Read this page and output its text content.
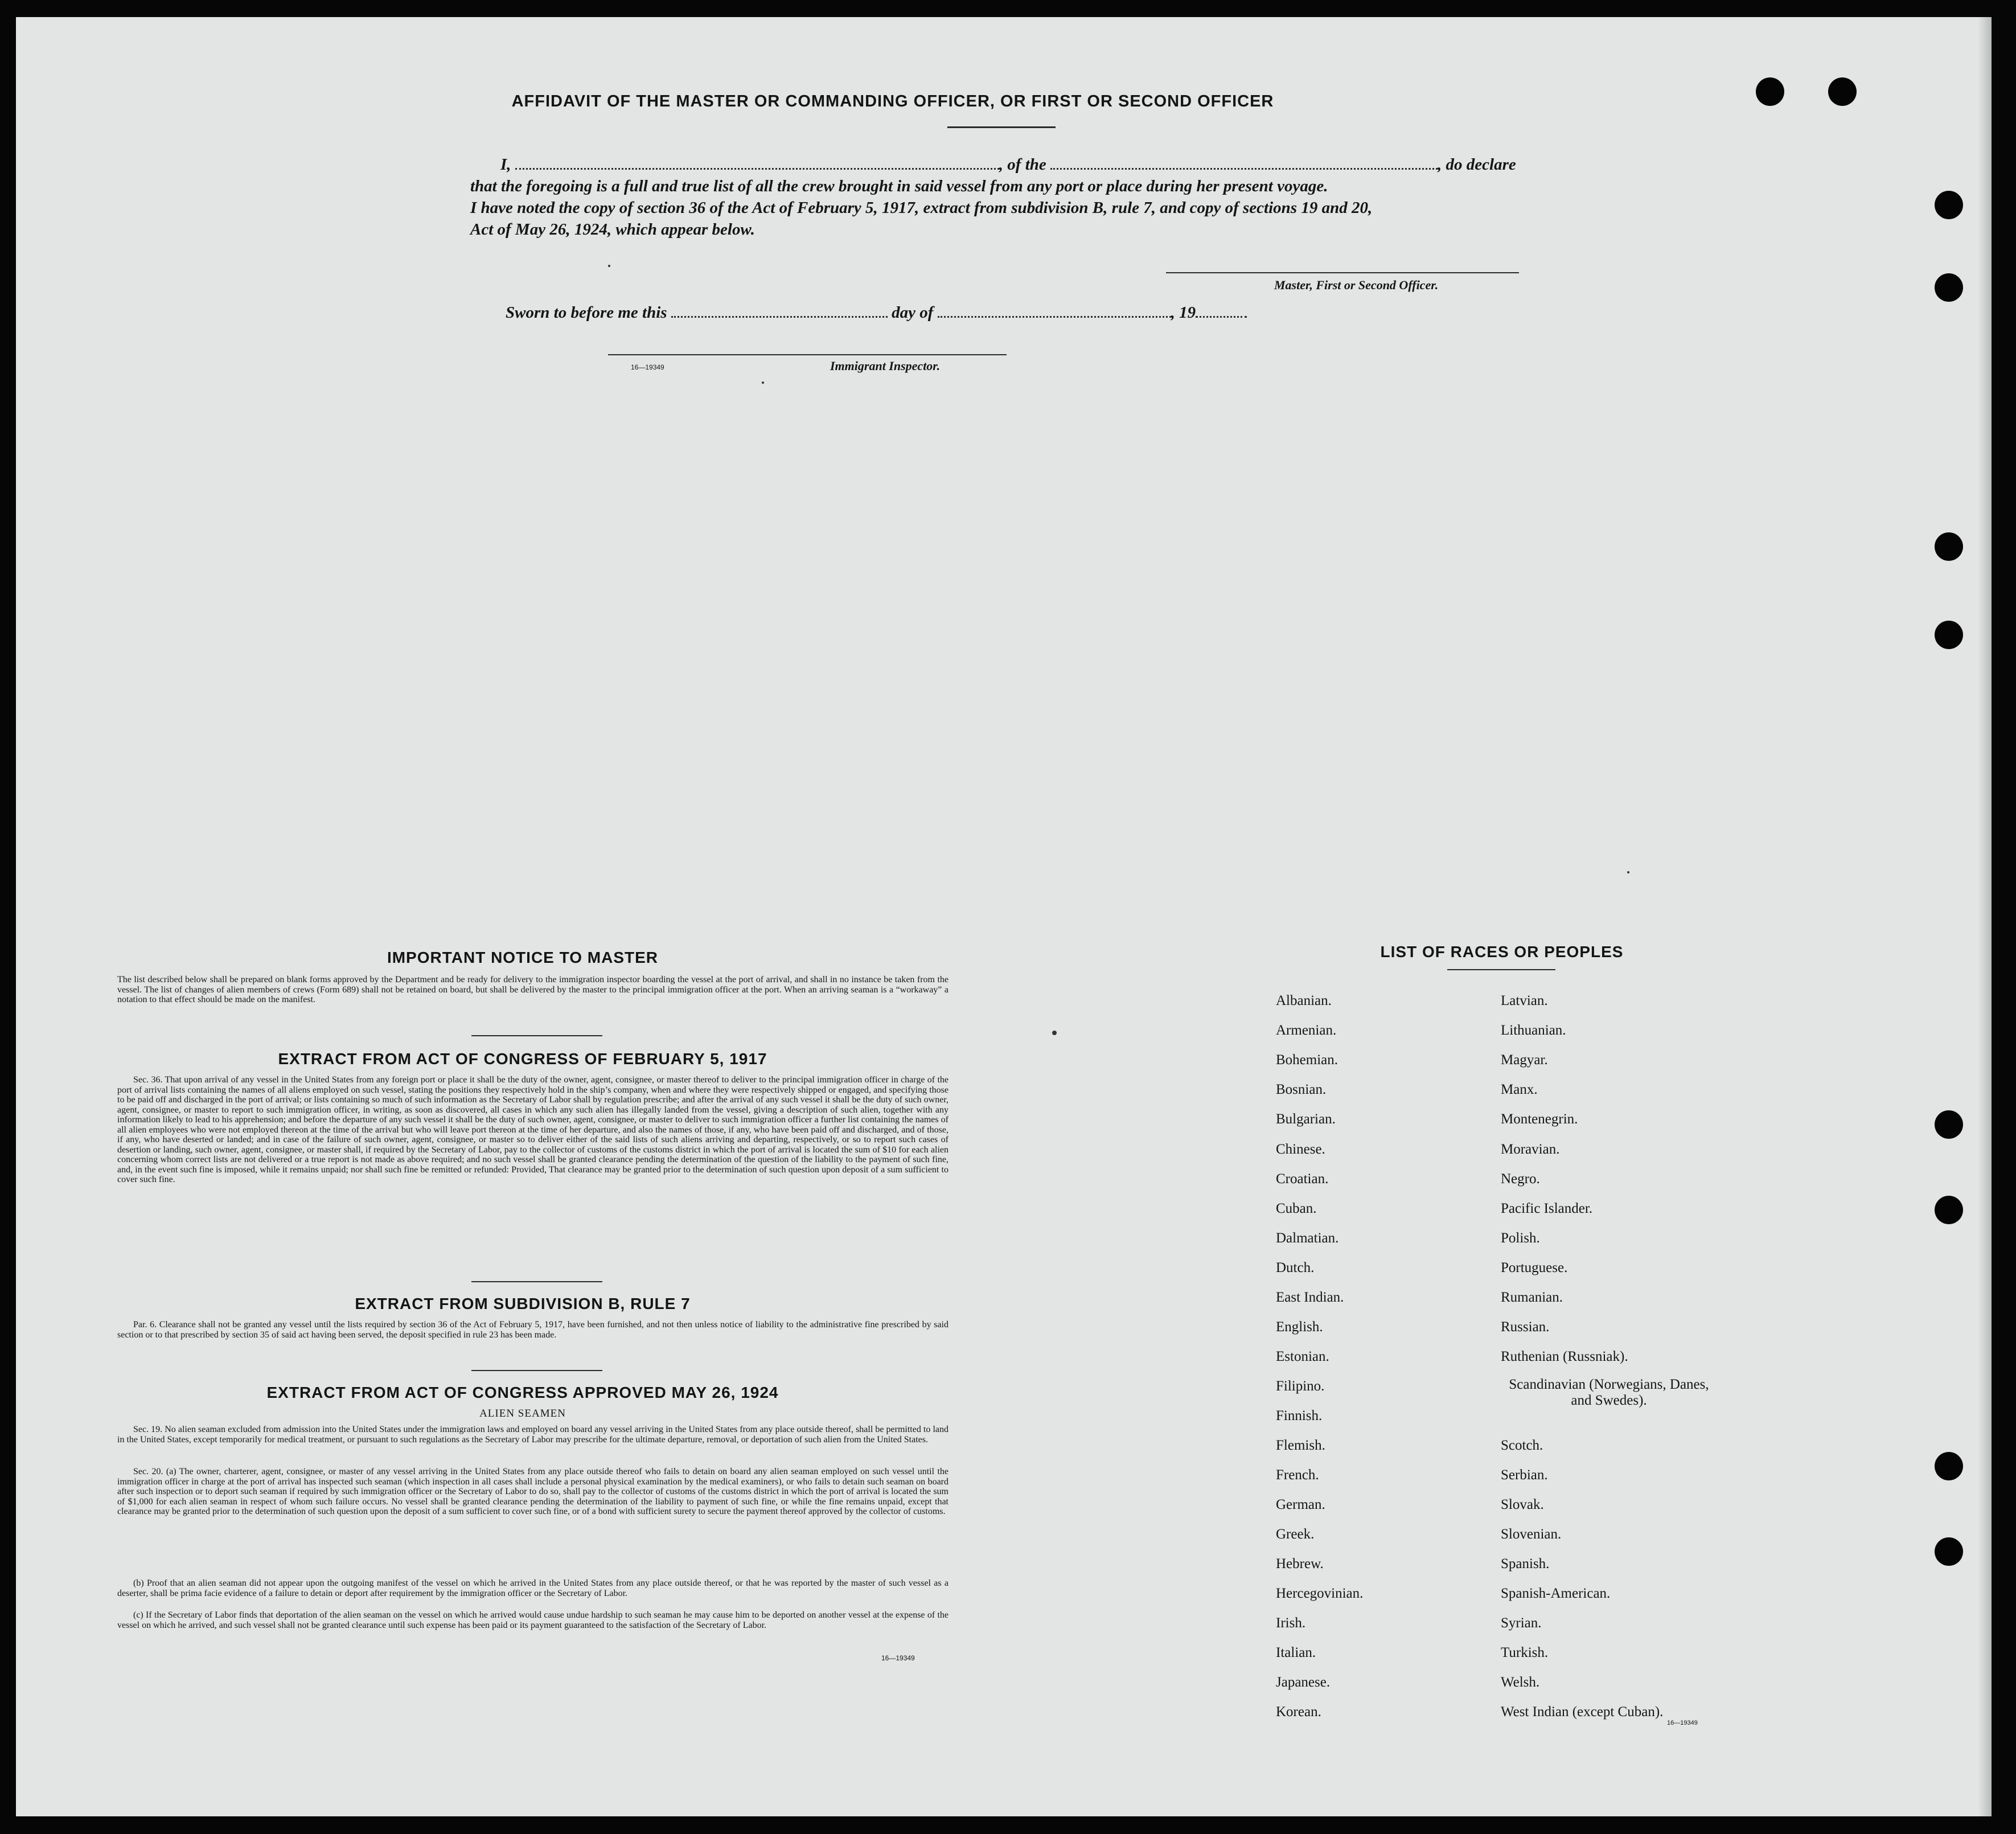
AFFIDAVIT OF THE MASTER OR COMMANDING OFFICER, OR FIRST OR SECOND OFFICER
I,	, of the	, do declare
that the foregoing is a full and true list of all the crew brought in said vessel from any port or place during her present voyage.
I have noted the copy of section 36 of the Act of February 5, 1917, extract from subdivision B, rule 7, and copy of sections 19 and 20,
Act of May 26, 1924, which appear below.
Master, First or Second Officer.
Sworn to before me this	day of	, 19
16—19349	Immigrant Inspector.
IMPORTANT NOTICE TO MASTER
The list described below shall be prepared on blank forms approved by the Department and be ready for delivery to the immigration inspector boarding the vessel at the port of arrival, and shall in no instance be taken from the vessel. The list of changes of alien members of crews (Form 689) shall not be retained on board, but shall be delivered by the master to the principal immigration officer at the port. When an arriving seaman is a “workaway” a notation to that effect should be made on the manifest.
EXTRACT FROM ACT OF CONGRESS OF FEBRUARY 5, 1917
Sec. 36. That upon arrival of any vessel in the United States from any foreign port or place it shall be the duty of the owner, agent, consignee, or master thereof to deliver to the principal immigration officer in charge of the port of arrival lists containing the names of all aliens employed on such vessel, stating the positions they respectively hold in the ship’s company, when and where they were respectively shipped or engaged, and specifying those to be paid off and discharged in the port of arrival; or lists containing so much of such information as the Secretary of Labor shall by regulation prescribe; and after the arrival of any such vessel it shall be the duty of such owner, agent, consignee, or master to report to such immigration officer, in writing, as soon as discovered, all cases in which any such alien has illegally landed from the vessel, giving a description of such alien, together with any information likely to lead to his apprehension; and before the departure of any such vessel it shall be the duty of such owner, agent, consignee, or master to deliver to such immigration officer a further list containing the names of all alien employees who were not employed thereon at the time of the arrival but who will leave port thereon at the time of her departure, and also the names of those, if any, who have been paid off and discharged, and of those, if any, who have deserted or landed; and in case of the failure of such owner, agent, consignee, or master so to deliver either of the said lists of such aliens arriving and departing, respectively, or so to report such cases of desertion or landing, such owner, agent, consignee, or master shall, if required by the Secretary of Labor, pay to the collector of customs of the customs district in which the port of arrival is located the sum of $10 for each alien concerning whom correct lists are not delivered or a true report is not made as above required; and no such vessel shall be granted clearance pending the determination of the question of the liability to the payment of such fine, and, in the event such fine is imposed, while it remains unpaid; nor shall such fine be remitted or refunded: Provided, That clearance may be granted prior to the determination of such question upon deposit of a sum sufficient to cover such fine.
EXTRACT FROM SUBDIVISION B, RULE 7
Par. 6. Clearance shall not be granted any vessel until the lists required by section 36 of the Act of February 5, 1917, have been furnished, and not then unless notice of liability to the administrative fine prescribed by said section or to that prescribed by section 35 of said act having been served, the deposit specified in rule 23 has been made.
EXTRACT FROM ACT OF CONGRESS APPROVED MAY 26, 1924
ALIEN SEAMEN
Sec. 19. No alien seaman excluded from admission into the United States under the immigration laws and employed on board any vessel arriving in the United States from any place outside thereof, shall be permitted to land in the United States, except temporarily for medical treatment, or pursuant to such regulations as the Secretary of Labor may prescribe for the ultimate departure, removal, or deportation of such alien from the United States.
Sec. 20. (a) The owner, charterer, agent, consignee, or master of any vessel arriving in the United States from any place outside thereof who fails to detain on board any alien seaman employed on such vessel until the immigration officer in charge at the port of arrival has inspected such seaman (which inspection in all cases shall include a personal physical examination by the medical examiners), or who fails to detain such seaman on board after such inspection or to deport such seaman if required by such immigration officer or the Secretary of Labor to do so, shall pay to the collector of customs of the customs district in which the port of arrival is located the sum of $1,000 for each alien seaman in respect of whom such failure occurs. No vessel shall be granted clearance pending the determination of the liability to payment of such fine, or while the fine remains unpaid, except that clearance may be granted prior to the determination of such question upon the deposit of a sum sufficient to cover such fine, or of a bond with sufficient surety to secure the payment thereof approved by the collector of customs.
(b) Proof that an alien seaman did not appear upon the outgoing manifest of the vessel on which he arrived in the United States from any place outside thereof, or that he was reported by the master of such vessel as a deserter, shall be prima facie evidence of a failure to detain or deport after requirement by the immigration officer or the Secretary of Labor.
(c) If the Secretary of Labor finds that deportation of the alien seaman on the vessel on which he arrived would cause undue hardship to such seaman he may cause him to be deported on another vessel at the expense of the vessel on which he arrived, and such vessel shall not be granted clearance until such expense has been paid or its payment guaranteed to the satisfaction of the Secretary of Labor.
16—19349
LIST OF RACES OR PEOPLES
Albanian.
Armenian.
Bohemian.
Bosnian.
Bulgarian.
Chinese.
Croatian.
Cuban.
Dalmatian.
Dutch.
East Indian.
English.
Estonian.
Filipino.
Finnish.
Flemish.
French.
German.
Greek.
Hebrew.
Hercegovinian.
Irish.
Italian.
Japanese.
Korean.
Latvian.
Lithuanian.
Magyar.
Manx.
Montenegrin.
Moravian.
Negro.
Pacific Islander.
Polish.
Portuguese.
Rumanian.
Russian.
Ruthenian (Russniak).
Scandinavian (Norwegians, Danes, and Swedes).
Scotch.
Serbian.
Slovak.
Slovenian.
Spanish.
Spanish-American.
Syrian.
Turkish.
Welsh.
West Indian (except Cuban).
16—19349
